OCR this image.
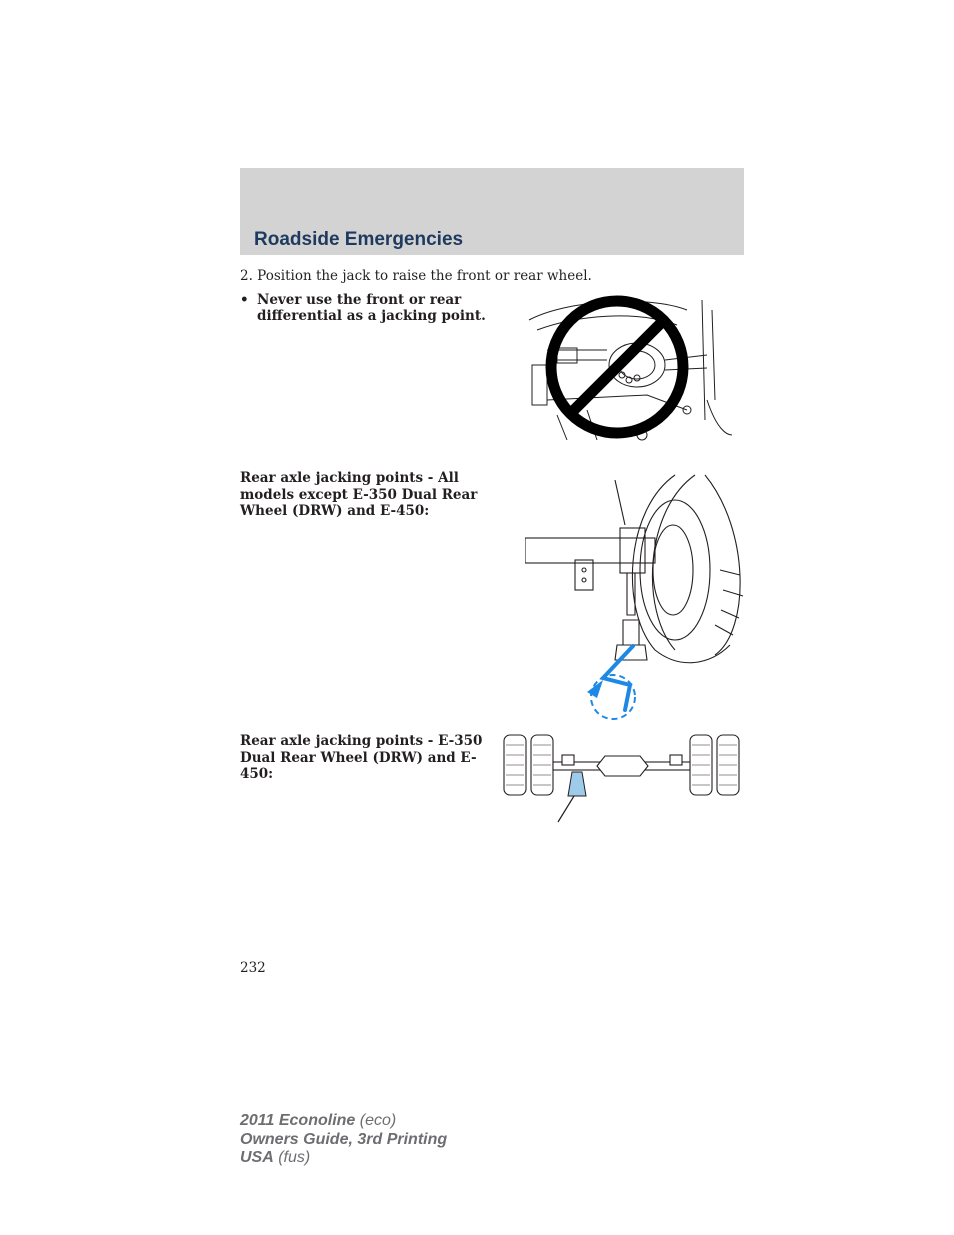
Roadside Emergencies
2. Position the jack to raise the front or rear wheel.
• Never use the front or rear differential as a jacking point.
Rear axle jacking points - All models except E-350 Dual Rear Wheel (DRW) and E-450:
Rear axle jacking points - E-350 Dual Rear Wheel (DRW) and E-450:
232
2011 Econoline (eco)
Owners Guide, 3rd Printing
USA (fus)
